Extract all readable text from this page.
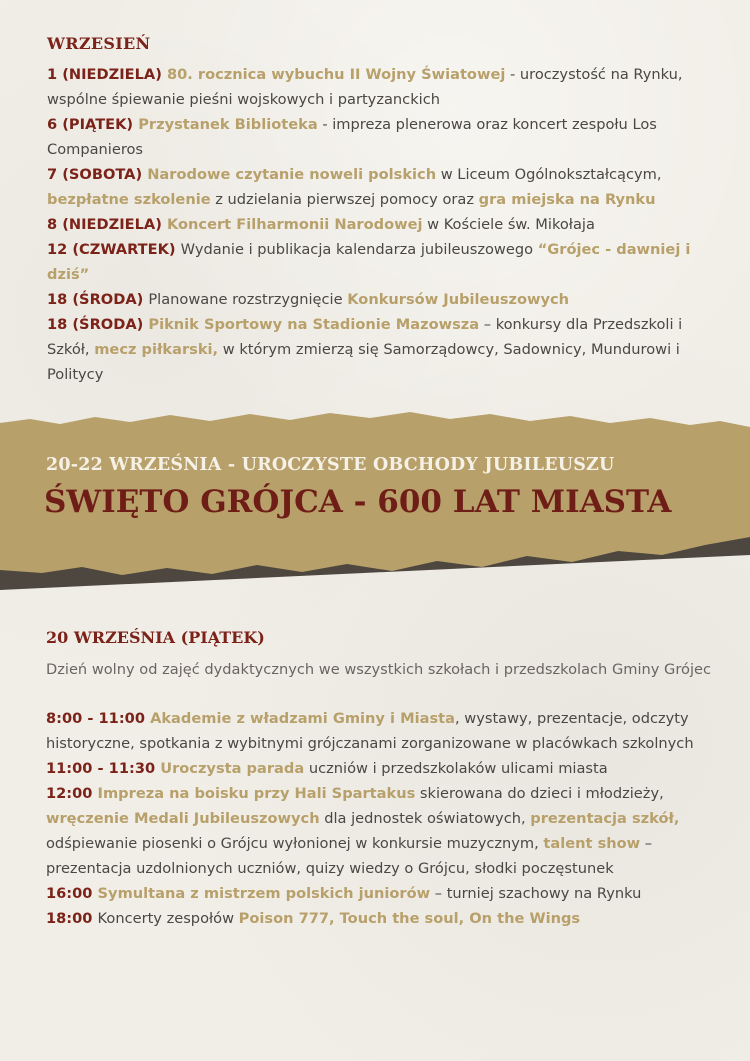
WRZESIEŃ

1 (NIEDZIELA) 80. rocznica wybuchu II Wojny Światowej - uroczystość na Rynku, wspólne śpiewanie pieśni wojskowych i partyzanckich

6 (PIĄTEK) Przystanek Biblioteka - impreza plenerowa oraz koncert zespołu Los Companieros

7 (SOBOTA) Narodowe czytanie noweli polskich w Liceum Ogólnokształcącym, bezpłatne szkolenie z udzielania pierwszej pomocy oraz gra miejska na Rynku

8 (NIEDZIELA) Koncert Filharmonii Narodowej w Kościele św. Mikołaja

12 (CZWARTEK) Wydanie i publikacja kalendarza jubileuszowego “Grójec - dawniej i dziś”

18 (ŚRODA) Planowane rozstrzygnięcie Konkursów Jubileuszowych

18 (ŚRODA) Piknik Sportowy na Stadionie Mazowsza – konkursy dla Przedszkoli i Szkół, mecz piłkarski, w którym zmierzą się Samorządowcy, Sadownicy, Mundurowi i Politycy

20-22 WRZEŚNIA - UROCZYSTE OBCHODY JUBILEUSZU
ŚWIĘTO GRÓJCA - 600 LAT MIASTA
20 WRZEŚNIA (PIĄTEK)

Dzień wolny od zajęć dydaktycznych we wszystkich szkołach i przedszkolach Gminy Grójec

8:00 - 11:00 Akademie z władzami Gminy i Miasta, wystawy, prezentacje, odczyty historyczne, spotkania z wybitnymi grójczanami zorganizowane w placówkach szkolnych

11:00 - 11:30 Uroczysta parada uczniów i przedszkolaków ulicami miasta

12:00 Impreza na boisku przy Hali Spartakus skierowana do dzieci i młodzieży, wręczenie Medali Jubileuszowych dla jednostek oświatowych, prezentacja szkół, odśpiewanie piosenki o Grójcu wyłonionej w konkursie muzycznym, talent show – prezentacja uzdolnionych uczniów, quizy wiedzy o Grójcu, słodki poczęstunek

16:00 Symultana z mistrzem polskich juniorów – turniej szachowy na Rynku

18:00 Koncerty zespołów Poison 777, Touch the soul, On the Wings
